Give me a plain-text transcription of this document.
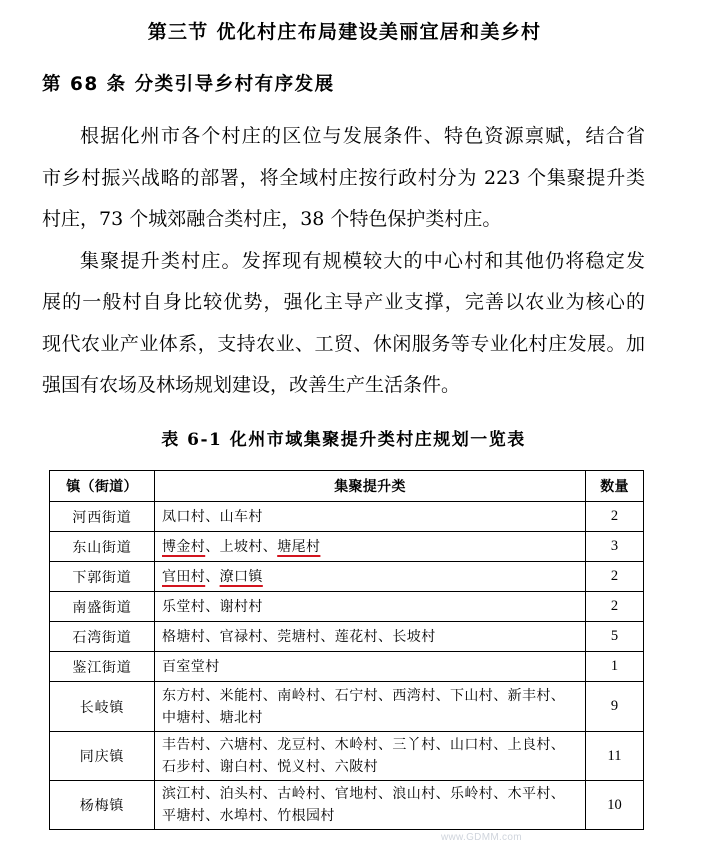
第三节 优化村庄布局建设美丽宜居和美乡村
第 68 条 分类引导乡村有序发展

根据化州市各个村庄的区位与发展条件、特色资源禀赋，结合省
市乡村振兴战略的部署，将全域村庄按行政村分为 223 个集聚提升类
村庄，73 个城郊融合类村庄，38 个特色保护类村庄。

集聚提升类村庄。发挥现有规模较大的中心村和其他仍将稳定发
展的一般村自身比较优势，强化主导产业支撑，完善以农业为核心的
现代农业产业体系，支持农业、工贸、休闲服务等专业化村庄发展。加
强国有农场及林场规划建设，改善生产生活条件。

表 6-1 化州市域集聚提升类村庄规划一览表
镇（街道）	集聚提升类	数量
河西街道	凤口村、山车村	2
东山街道	博金村、上坡村、塘尾村	3
下郭街道	官田村、潦口镇	2
南盛街道	乐堂村、谢村村	2
石湾街道	格塘村、官禄村、莞塘村、莲花村、长坡村	5
鉴江街道	百室堂村	1
长岐镇	东方村、米能村、南岭村、石宁村、西湾村、下山村、新丰村、
中塘村、塘北村	9
同庆镇	丰告村、六塘村、龙豆村、木岭村、三丫村、山口村、上良村、
石步村、谢白村、悦义村、六陂村	11
杨梅镇	滨江村、泊头村、古岭村、官地村、浪山村、乐岭村、木平村、
平塘村、水埠村、竹根园村	10
www.GDMM.com
